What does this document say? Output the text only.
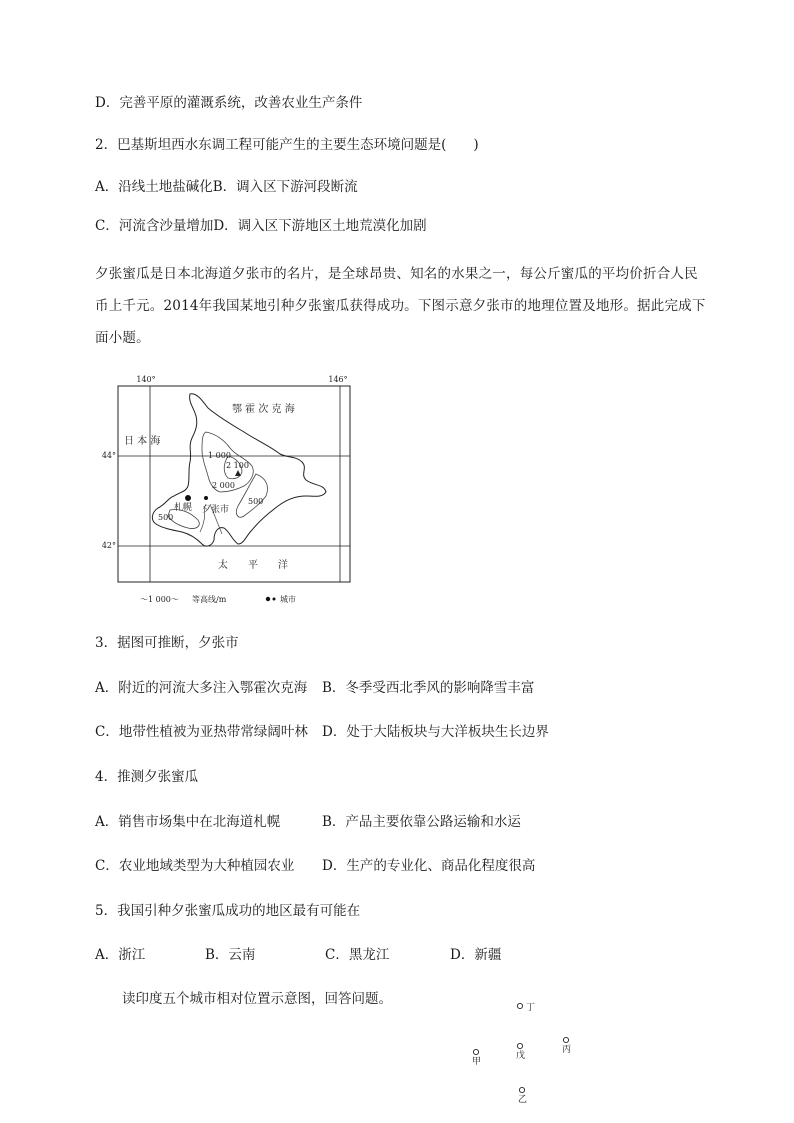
D．完善平原的灌溉系统，改善农业生产条件
2．巴基斯坦西水东调工程可能产生的主要生态环境问题是(　　)
A．沿线土地盐碱化B．调入区下游河段断流
C．河流含沙量增加D．调入区下游地区土地荒漠化加剧
夕张蜜瓜是日本北海道夕张市的名片，是全球昂贵、知名的水果之一，每公斤蜜瓜的平均价折合人民币上千元。2014年我国某地引种夕张蜜瓜获得成功。下图示意夕张市的地理位置及地形。据此完成下面小题。
140°	146°
44°
42°
鄂 霍 次 克 海
日 本 海
太　　平　　洋
1 000
2 100
2 000
500
500
札幌 夕张市
～1 000～ 等高线/m	城市
3．据图可推断，夕张市
A．附近的河流大多注入鄂霍次克海 B．冬季受西北季风的影响降雪丰富
C．地带性植被为亚热带常绿阔叶林 D．处于大陆板块与大洋板块生长边界
4．推测夕张蜜瓜
A．销售市场集中在北海道札幌	B．产品主要依靠公路运输和水运
C．农业地域类型为大种植园农业 D．生产的专业化、商品化程度很高
5．我国引种夕张蜜瓜成功的地区最有可能在
A．浙江	B．云南	C．黑龙江	D．新疆
读印度五个城市相对位置示意图，回答问题。
丁
丙
戊
甲
乙
